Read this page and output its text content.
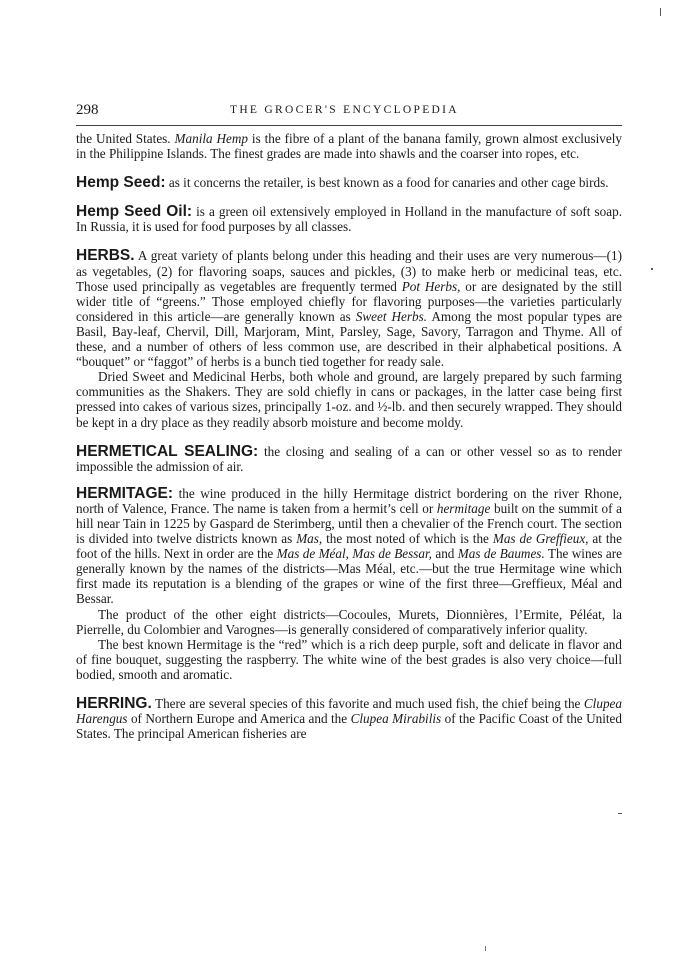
298	THE GROCER'S ENCYCLOPEDIA

the United States. Manila Hemp is the fibre of a plant of the banana family, grown almost exclusively in the Philippine Islands. The finest grades are made into shawls and the coarser into ropes, etc.

Hemp Seed: as it concerns the retailer, is best known as a food for canaries and other cage birds.

Hemp Seed Oil: is a green oil extensively employed in Holland in the manufacture of soft soap. In Russia, it is used for food purposes by all classes.

HERBS. A great variety of plants belong under this heading and their uses are very numerous—(1) as vegetables, (2) for flavoring soaps, sauces and pickles, (3) to make herb or medicinal teas, etc. Those used principally as vegetables are frequently termed Pot Herbs, or are designated by the still wider title of “greens.” Those employed chiefly for flavoring purposes—the varieties particularly considered in this article—are generally known as Sweet Herbs. Among the most popular types are Basil, Bay-leaf, Chervil, Dill, Marjoram, Mint, Parsley, Sage, Savory, Tarragon and Thyme. All of these, and a number of others of less common use, are described in their alphabetical positions. A “bouquet” or “faggot” of herbs is a bunch tied together for ready sale.

Dried Sweet and Medicinal Herbs, both whole and ground, are largely prepared by such farming communities as the Shakers. They are sold chiefly in cans or packages, in the latter case being first pressed into cakes of various sizes, principally 1-oz. and ½-lb. and then securely wrapped. They should be kept in a dry place as they readily absorb moisture and become moldy.

HERMETICAL SEALING: the closing and sealing of a can or other vessel so as to render impossible the admission of air.

HERMITAGE: the wine produced in the hilly Hermitage district bordering on the river Rhone, north of Valence, France. The name is taken from a hermit’s cell or hermitage built on the summit of a hill near Tain in 1225 by Gaspard de Sterimberg, until then a chevalier of the French court. The section is divided into twelve districts known as Mas, the most noted of which is the Mas de Greffieux, at the foot of the hills. Next in order are the Mas de Méal, Mas de Bessar, and Mas de Baumes. The wines are generally known by the names of the districts—Mas Méal, etc.—but the true Hermitage wine which first made its reputation is a blending of the grapes or wine of the first three—Greffieux, Méal and Bessar.

The product of the other eight districts—Cocoules, Murets, Dionnières, l’Ermite, Péléat, la Pierrelle, du Colombier and Varognes—is generally considered of comparatively inferior quality.

The best known Hermitage is the “red” which is a rich deep purple, soft and delicate in flavor and of fine bouquet, suggesting the raspberry. The white wine of the best grades is also very choice—full bodied, smooth and aromatic.

HERRING. There are several species of this favorite and much used fish, the chief being the Clupea Harengus of Northern Europe and America and the Clupea Mirabilis of the Pacific Coast of the United States. The principal American fisheries are
